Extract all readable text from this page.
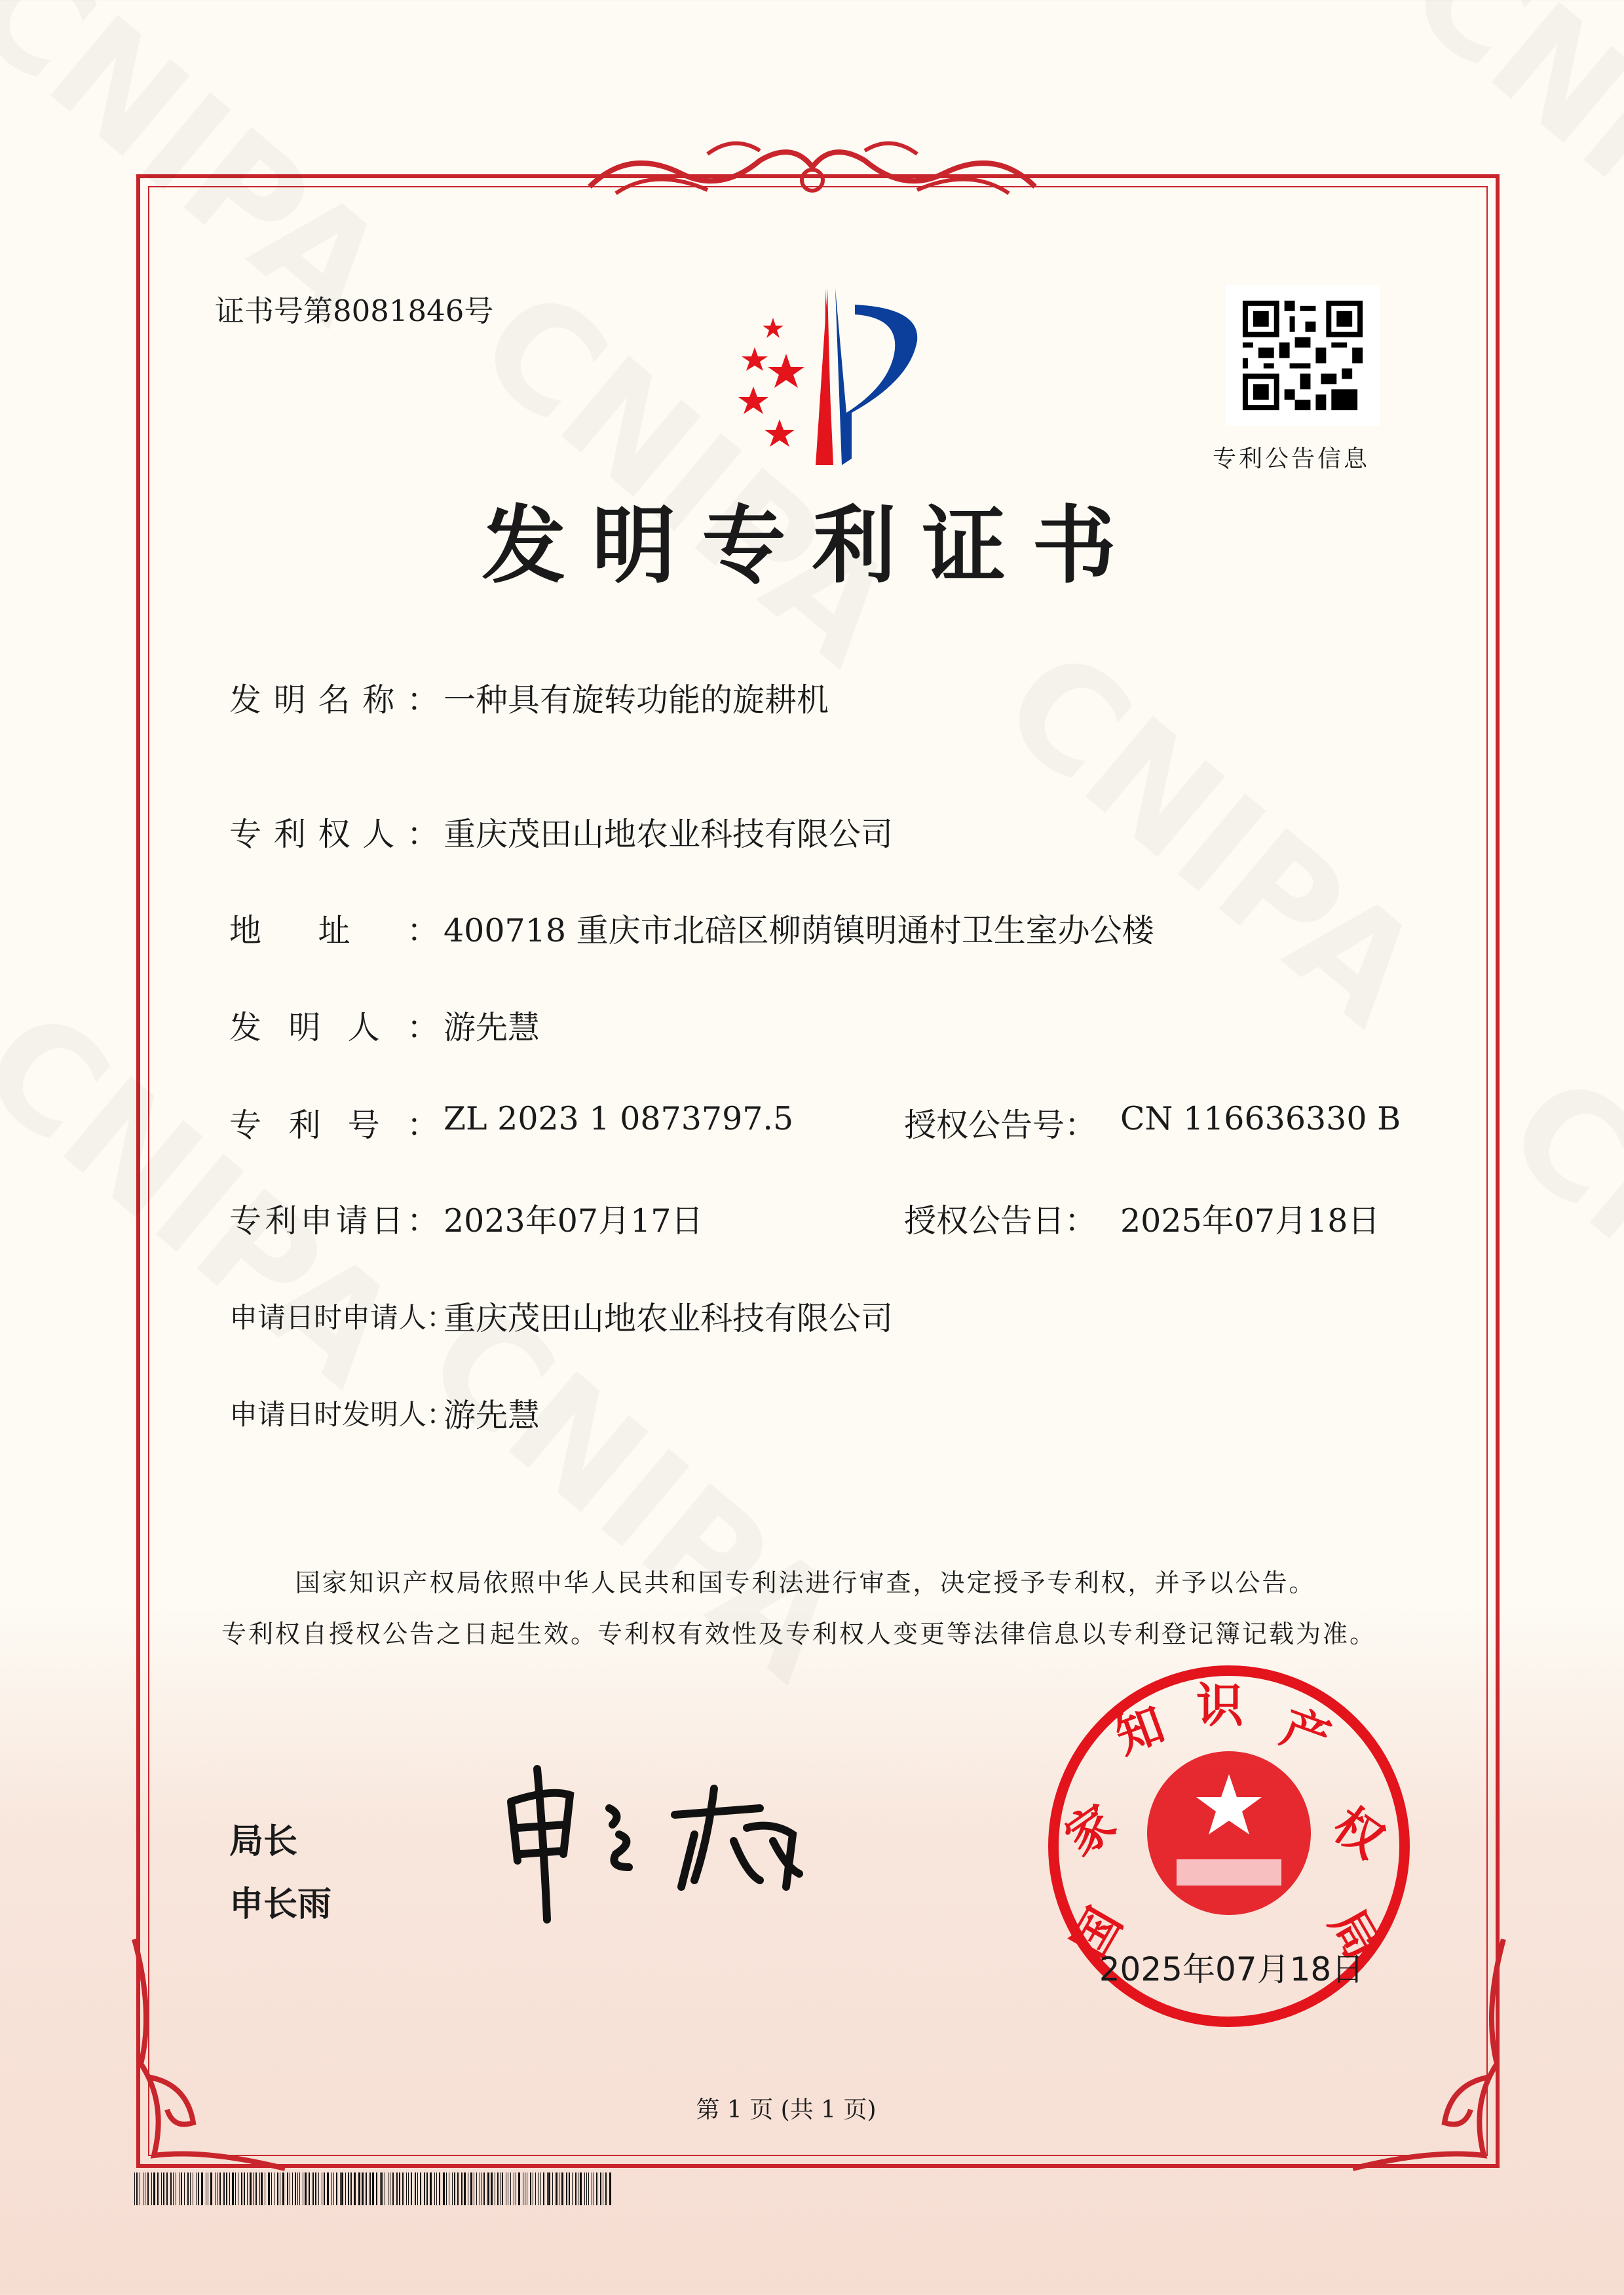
证书号第8081846号
专利公告信息
发明专利证书
发明名称： 一种具有旋转功能的旋耕机
专利权人： 重庆茂田山地农业科技有限公司
地址： 400718 重庆市北碚区柳荫镇明通村卫生室办公楼
发明人： 游先慧
专利号： ZL 2023 1 0873797.5	授权公告号： CN 116636330 B
专利申请日： 2023年07月17日	授权公告日： 2025年07月18日
申请日时申请人：
重庆茂田山地农业科技有限公司
申请日时发明人：
游先慧
国家知识产权局依照中华人民共和国专利法进行审查，决定授予专利权，并予以公告。
专利权自授权公告之日起生效。专利权有效性及专利权人变更等法律信息以专利登记簿记载为准。
局长
申长雨	国
家
知 识 产
权
局
2025年07月18日
第 1 页 (共 1 页)
